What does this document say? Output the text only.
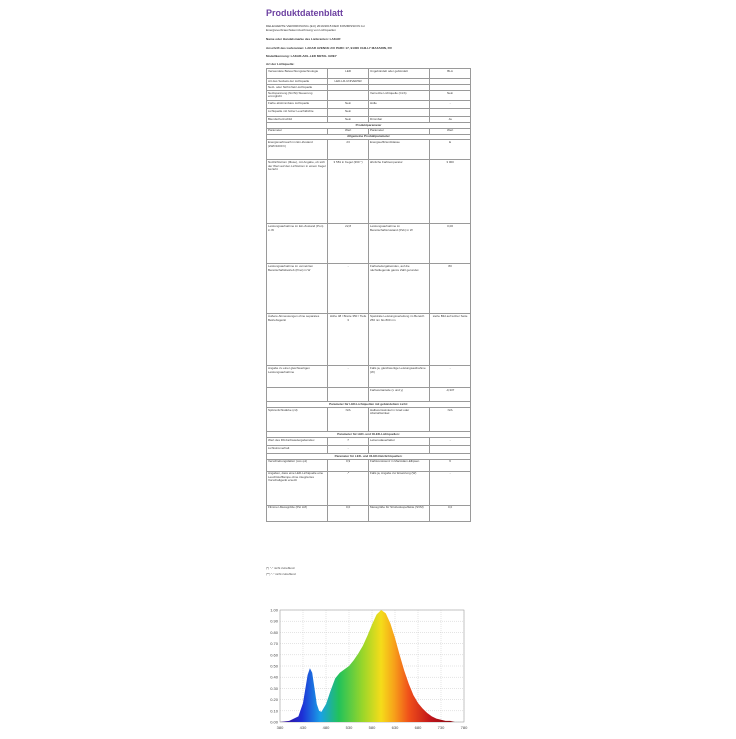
Produktdatenblatt
DELEGIERTE VERORDNUNG (EU) 2019/2015 DER KOMMISSION zur
Energieverbrauchskennzeichnung von Lichtquellen
Name oder Handelsmarke des Lieferanten: LAKAR
Anschrift des Lieferanten: LAKAR AVENUE 2/U PARC 17, 91300 CHILLY MAZARIN, FR
Modellkennung: LAKAR-ADL-LED METAL GREY
Art der Lichtquelle:
Verwendete Beleuchtungstechnologie	LED	Ungebündelt oder gebündelt	BLA
Art des Sockels der Lichtquelle	LED-LR-UNIVERSR		
Netz- oder Nicht-Netz-Lichtquelle			
Netzspannung (Nn/Ni) Steuerung ermöglicht		Vernetzte Lichtquelle (CLS)	Nein
Farbe abstimmbare Lichtquelle	Nein	Hülle	-
Lichtquelle mit hoher Leuchtdichte	Nein		
Blendschutzschild	Nein	Dimmbar	Ja
Produktparameter			
Parameter	Wert	Parameter	Wert
Allgemeine Produktparameter			
Energieverbrauch im Ein-Zustand (kWh/1000 h)	23	Energieeffizienzklasse	E
Nutzlichtstrom (Φuse), mit Angabe, ob sich der Wert auf den Lichtstrom in einem Kegel bezieht	3 581 in Kegel (360 °)	ähnliche Farbtemperatur	3 000
Leistungsaufnahme im Ein-Zustand (Pon) in W	22,8	Leistungsaufnahme im Bereitschaftszustand (Psb) in W	0,00
Leistungsaufnahme im vernetzten Bereitschaftsbetrieb (Pnet) in W	-	Farbwiedergabeindex, auf die nächstliegende ganze Zahl gerundet	80
Äußere Abmessungen ohne separates Betriebsgerät	Höhe 48 / Breite 350 / Tiefe 3	Spektrale Leistungsverteilung im Bereich 250 nm bis 800 nm	siehe Bild auf letzter Seite
Angabe zu einer gleichwertigen Leistungsaufnahme	-	Falls ja, gleichwertige Leistungsaufnahme (W)	-
		Farbwertanteile (x und y)	-0,337
Parameter für LED-Lichtquellen mit gebündeltem Licht:			
Spitzenlichtstärke (cd)	N/A	Halbwertswinkel in Grad oder Abstrahlwinkel	N/A
Parameter für LED- und OLED-Lichtquellen:			
Wert des R9-Farbwiedergabeindex	7	Lebensdauerfaktor	-
Lichtstromerhalt	-		
Parameter für LED- und OLED-Netzlichtquellen:			
Verschiebungsfaktor (cos φ1)	0,9	Farbkonsistenz in MacAdam-Ellipsen	6
Angaben, dass eine LED-Lichtquelle eine Leuchtstofflampe ohne integriertes Vorschaltgerät ersetzt	-*	Falls ja, Angabe zur Ersetzung (W)	-
Flimmer-Messgröße (Pst LM)	0,0	Messgröße für Stroboskopeffekte (SVM)	0,0
(*) "-" nicht zutreffend
(**) "-" nicht zutreffend
1.00
0.90
0.80
0.70
0.60
0.50
0.40
0.30
0.20
0.10
0.00
380	430	480	530	580	630	680	730	780
